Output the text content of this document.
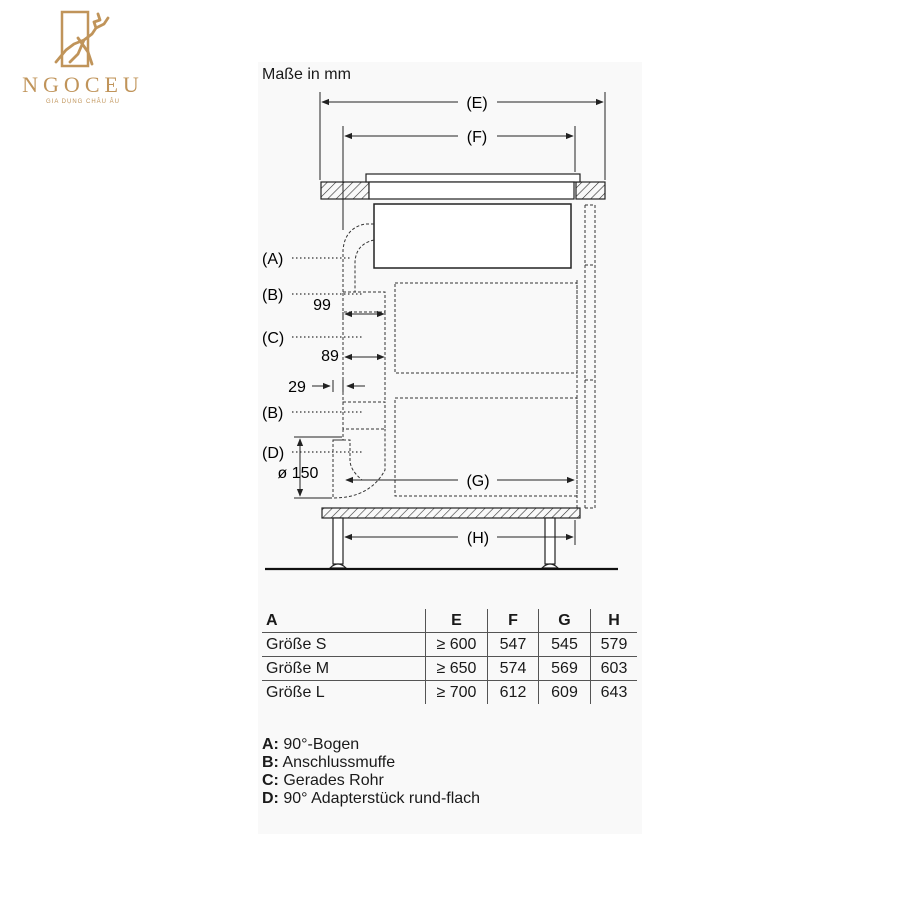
NGOCEU
GIA DỤNG CHÂU ÂU
Maße in mm
(E)
(F)
(A)
(B)
(C)
(B)
(D)
99
89
29
ø 150	(G)
(H)
A	E	F	G	H
Größe S	≥ 600	547	545	579
Größe M	≥ 650	574	569	603
Größe L	≥ 700	612	609	643
A: 90°-Bogen
B: Anschlussmuffe
C: Gerades Rohr
D: 90° Adapterstück rund-flach
